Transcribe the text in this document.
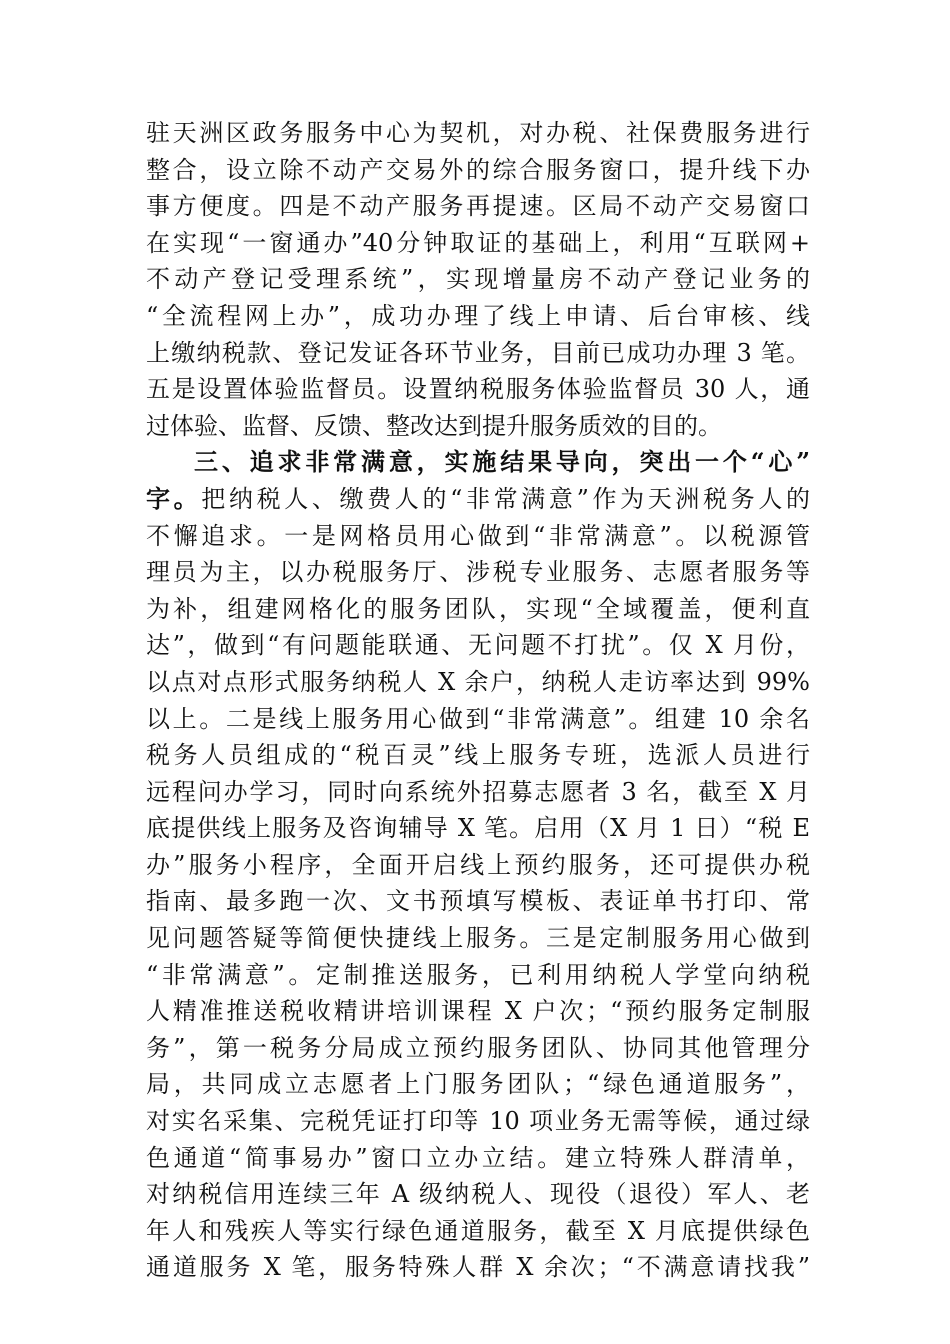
驻天洲区政务服务中心为契机，对办税、社保费服务进行
整合，设立除不动产交易外的综合服务窗口，提升线下办
事方便度。四是不动产服务再提速。区局不动产交易窗口
在实现“一窗通办”40分钟取证的基础上，利用“互联网+
不动产登记受理系统”，实现增量房不动产登记业务的
“全流程网上办”，成功办理了线上申请、后台审核、线
上缴纳税款、登记发证各环节业务，目前已成功办理 3 笔。
五是设置体验监督员。设置纳税服务体验监督员 30 人，通
过体验、监督、反馈、整改达到提升服务质效的目的。
三、追求非常满意，实施结果导向，突出一个“心”
字。把纳税人、缴费人的“非常满意”作为天洲税务人的
不懈追求。一是网格员用心做到“非常满意”。以税源管
理员为主，以办税服务厅、涉税专业服务、志愿者服务等
为补，组建网格化的服务团队，实现“全域覆盖，便利直
达”，做到“有问题能联通、无问题不打扰”。仅 X 月份，
以点对点形式服务纳税人 X 余户，纳税人走访率达到 99%
以上。二是线上服务用心做到“非常满意”。组建 10 余名
税务人员组成的“税百灵”线上服务专班，选派人员进行
远程问办学习，同时向系统外招募志愿者 3 名，截至 X 月
底提供线上服务及咨询辅导 X 笔。启用（X 月 1 日）“税 E
办”服务小程序，全面开启线上预约服务，还可提供办税
指南、最多跑一次、文书预填写模板、表证单书打印、常
见问题答疑等简便快捷线上服务。三是定制服务用心做到
“非常满意”。定制推送服务，已利用纳税人学堂向纳税
人精准推送税收精讲培训课程 X 户次；“预约服务定制服
务”，第一税务分局成立预约服务团队、协同其他管理分
局，共同成立志愿者上门服务团队；“绿色通道服务”，
对实名采集、完税凭证打印等 10 项业务无需等候，通过绿
色通道“简事易办”窗口立办立结。建立特殊人群清单，
对纳税信用连续三年 A 级纳税人、现役（退役）军人、老
年人和残疾人等实行绿色通道服务，截至 X 月底提供绿色
通道服务 X 笔，服务特殊人群 X 余次；“不满意请找我”
